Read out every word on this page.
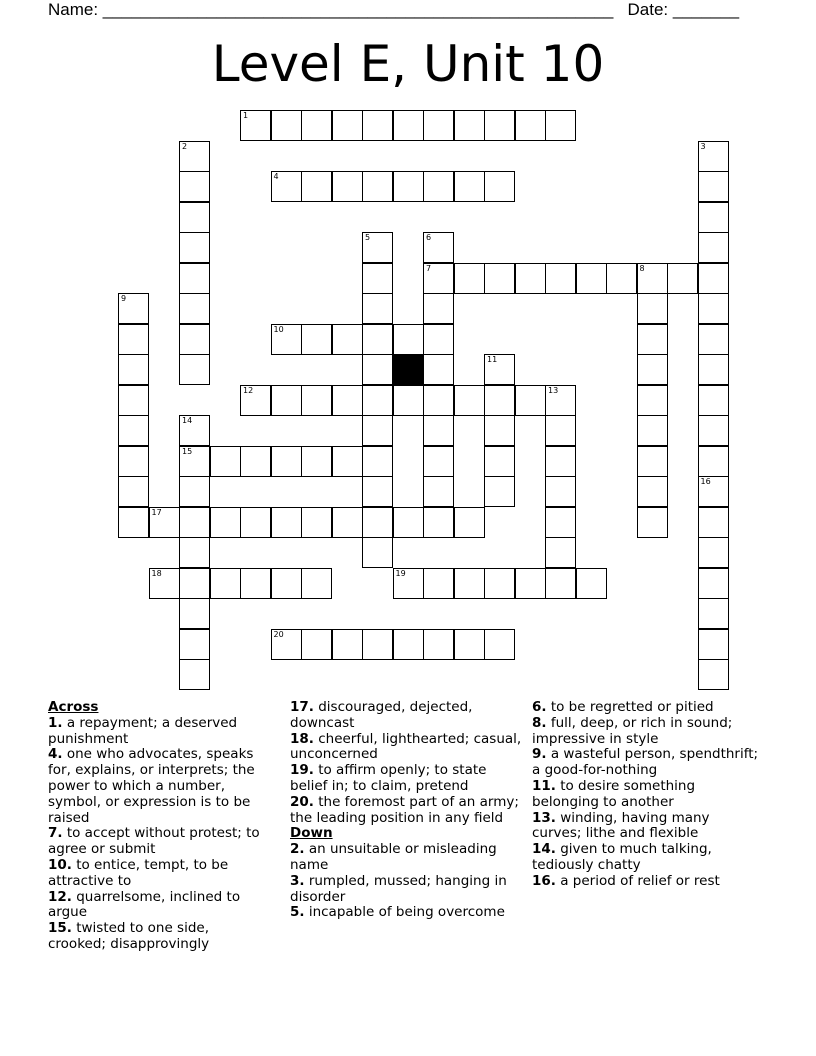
Name: ______________________________________________________ Date: _______
Level E, Unit 10
1
2	3
4
5	6
7	8
9
10
11
12	13
14
15
16
17
18	19
20
Across
1. a repayment; a deserved punishment
4. one who advocates, speaks for, explains, or interprets; the power to which a number, symbol, or expression is to be raised
7. to accept without protest; to agree or submit
10. to entice, tempt, to be attractive to
12. quarrelsome, inclined to argue
15. twisted to one side, crooked; disapprovingly
17. discouraged, dejected, downcast
18. cheerful, lighthearted; casual, unconcerned
19. to affirm openly; to state belief in; to claim, pretend
20. the foremost part of an army; the leading position in any field
Down
2. an unsuitable or misleading name
3. rumpled, mussed; hanging in disorder
5. incapable of being overcome
6. to be regretted or pitied
8. full, deep, or rich in sound; impressive in style
9. a wasteful person, spendthrift; a good-for-nothing
11. to desire something belonging to another
13. winding, having many curves; lithe and flexible
14. given to much talking, tediously chatty
16. a period of relief or rest
